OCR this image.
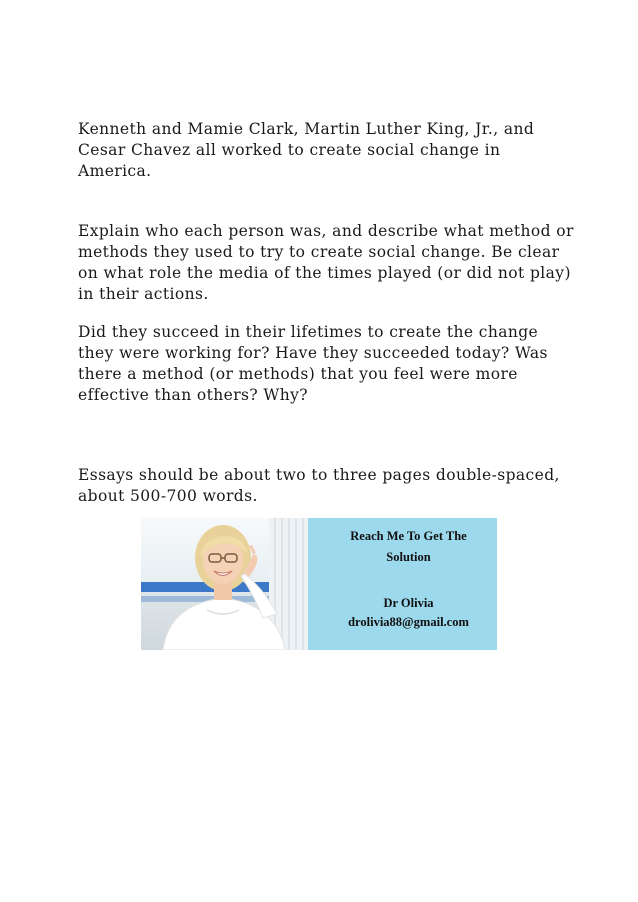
Kenneth and Mamie Clark, Martin Luther King, Jr., and Cesar Chavez all worked to create social change in America.

Explain who each person was, and describe what method or methods they used to try to create social change. Be clear on what role the media of the times played (or did not play) in their actions.

Did they succeed in their lifetimes to create the change they were working for? Have they succeeded today? Was there a method (or methods) that you feel were more effective than others? Why?

Essays should be about two to three pages double-spaced, about 500-700 words.

Reach Me To Get The
Solution
Dr Olivia
drolivia88@gmail.com
